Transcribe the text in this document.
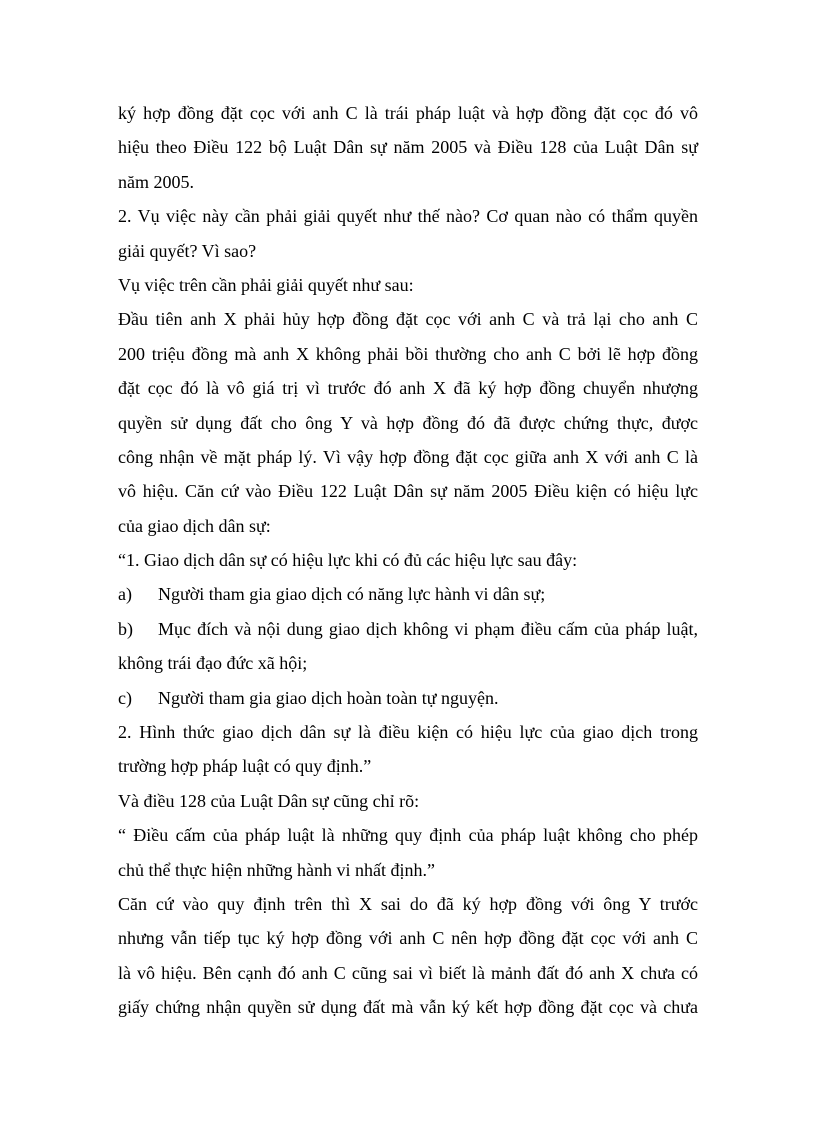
ký hợp đồng đặt cọc với anh C là trái pháp luật và hợp đồng đặt cọc đó vô
hiệu theo Điều 122 bộ Luật Dân sự năm 2005 và Điều 128 của Luật Dân sự
năm 2005.
2. Vụ việc này cần phải giải quyết như thế nào? Cơ quan nào có thẩm quyền
giải quyết? Vì sao?
Vụ việc trên cần phải giải quyết như sau:
Đầu tiên anh X phải hủy hợp đồng đặt cọc với anh C và trả lại cho anh C
200 triệu đồng mà anh X không phải bồi thường cho anh C bởi lẽ hợp đồng
đặt cọc đó là vô giá trị vì trước đó anh X đã ký hợp đồng chuyển nhượng
quyền sử dụng đất cho ông Y và hợp đồng đó đã được chứng thực, được
công nhận về mặt pháp lý. Vì vậy hợp đồng đặt cọc giữa anh X với anh C là
vô hiệu. Căn cứ vào Điều 122 Luật Dân sự năm 2005 Điều kiện có hiệu lực
của giao dịch dân sự:
“1. Giao dịch dân sự có hiệu lực khi có đủ các hiệu lực sau đây:
a)	Người tham gia giao dịch có năng lực hành vi dân sự;
b)	Mục đích và nội dung giao dịch không vi phạm điều cấm của pháp luật,
không trái đạo đức xã hội;
c)	Người tham gia giao dịch hoàn toàn tự nguyện.
2. Hình thức giao dịch dân sự là điều kiện có hiệu lực của giao dịch trong
trường hợp pháp luật có quy định.”
Và điều 128 của Luật Dân sự cũng chỉ rõ:
“ Điều cấm của pháp luật là những quy định của pháp luật không cho phép
chủ thể thực hiện những hành vi nhất định.”
Căn cứ vào quy định trên thì X sai do đã ký hợp đồng với ông Y trước
nhưng vẫn tiếp tục ký hợp đồng với anh C nên hợp đồng đặt cọc với anh C
là vô hiệu. Bên cạnh đó anh C cũng sai vì biết là mảnh đất đó anh X chưa có
giấy chứng nhận quyền sử dụng đất mà vẫn ký kết hợp đồng đặt cọc và chưa
